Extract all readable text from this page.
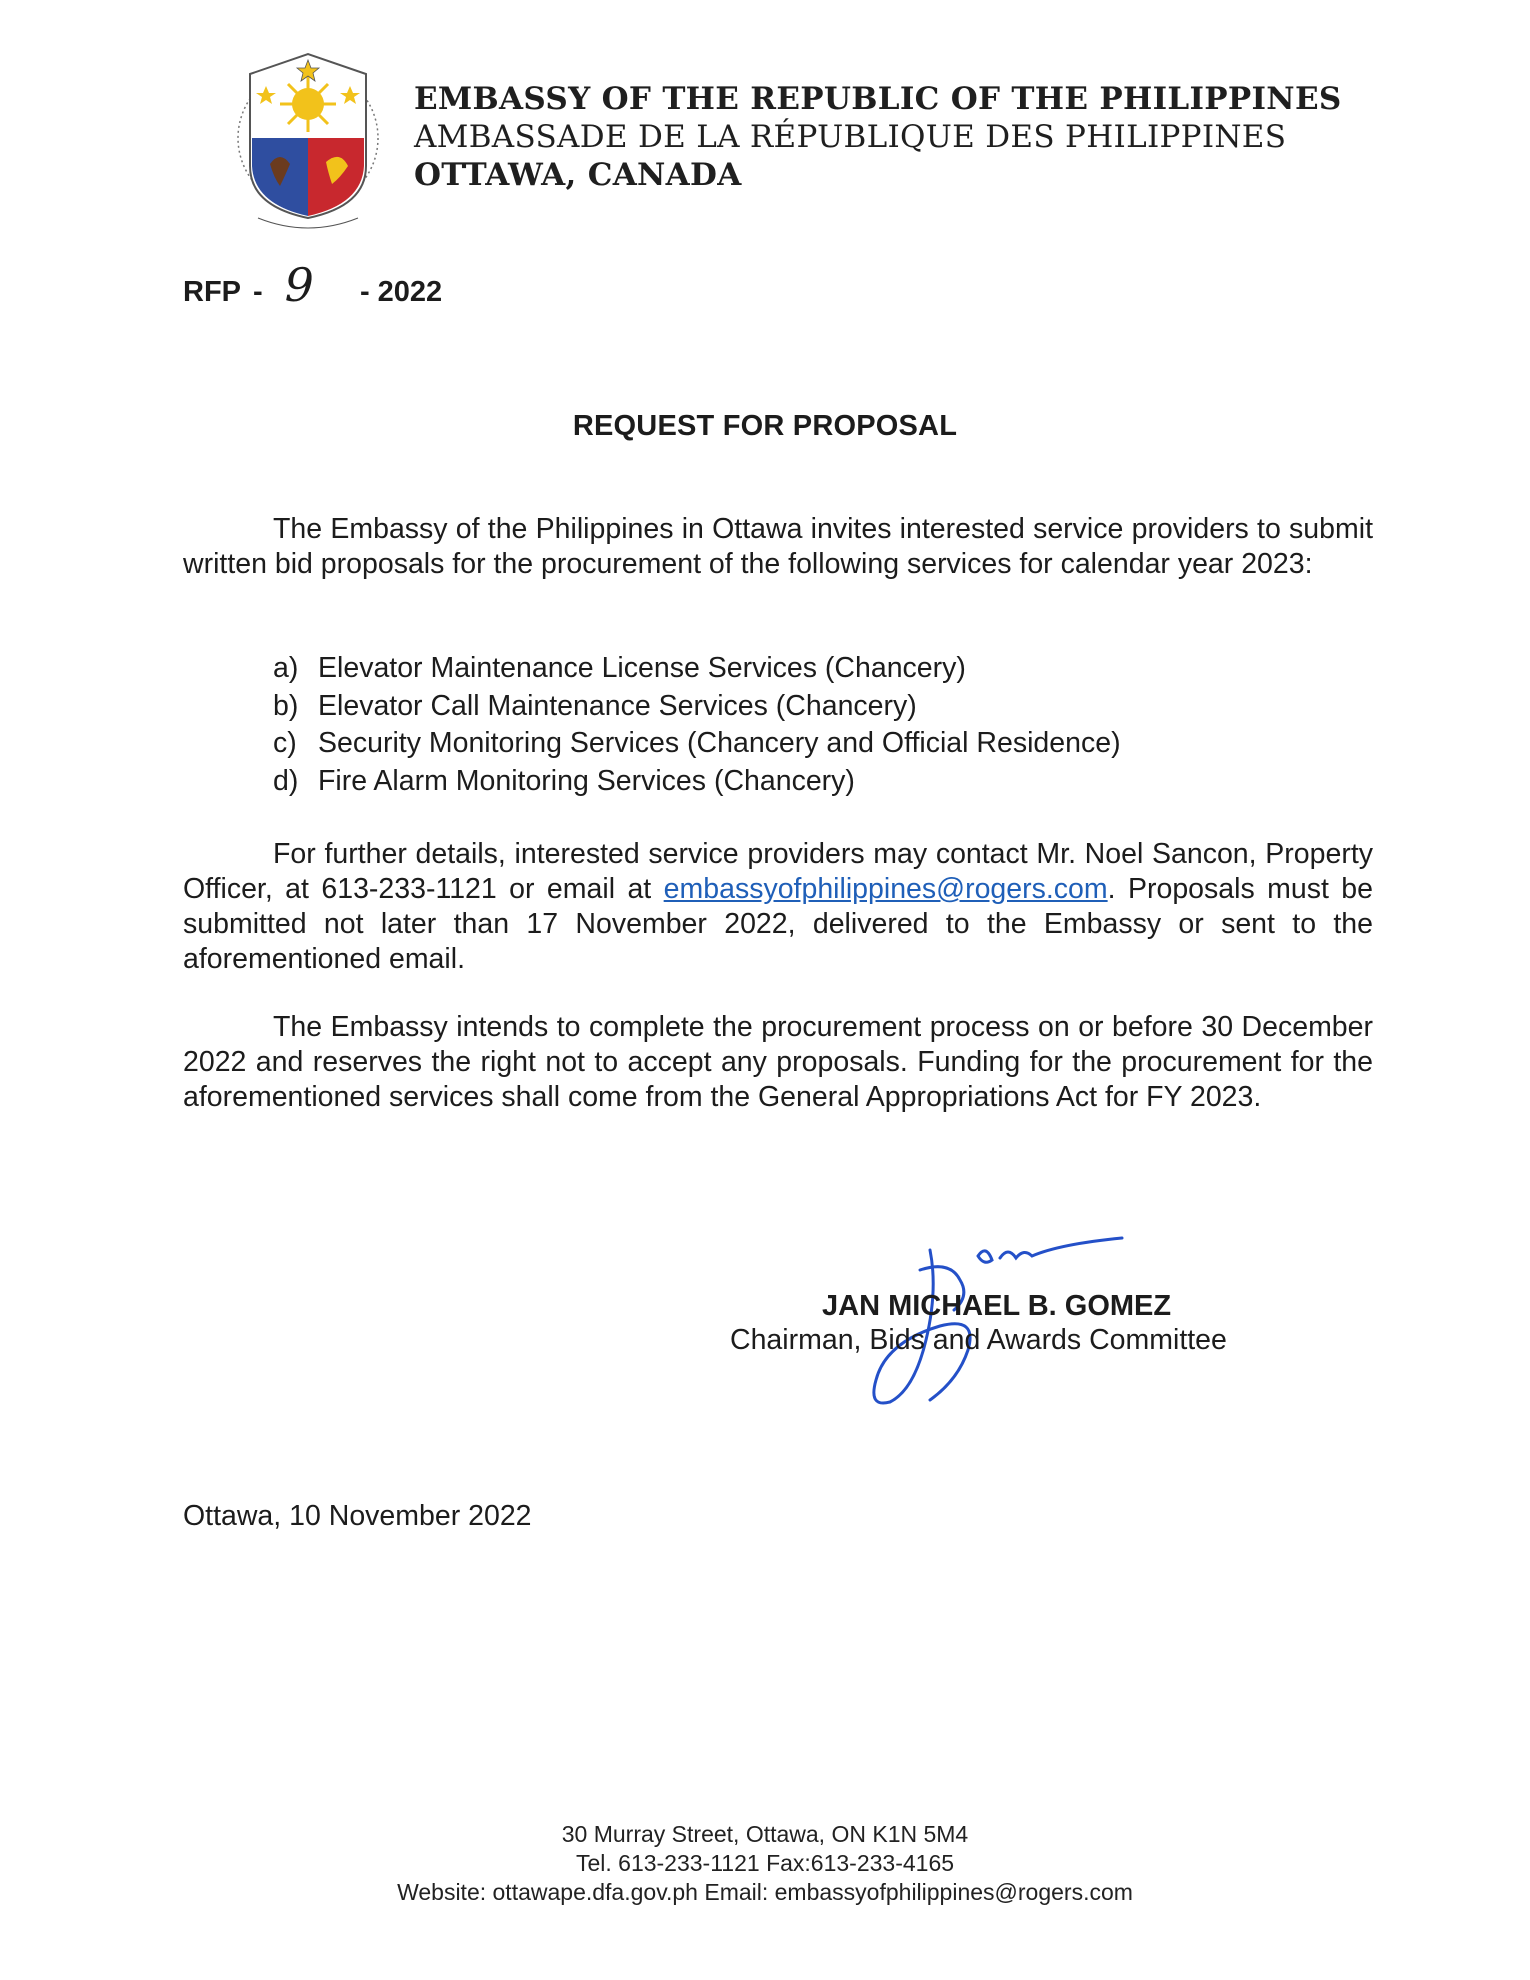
EMBASSY OF THE REPUBLIC OF THE PHILIPPINES
AMBASSADE DE LA RÉPUBLIQUE DES PHILIPPINES
OTTAWA, CANADA
RFP - 9 - 2022
REQUEST FOR PROPOSAL
The Embassy of the Philippines in Ottawa invites interested service providers to submit written bid proposals for the procurement of the following services for calendar year 2023:
a) Elevator Maintenance License Services (Chancery)
b) Elevator Call Maintenance Services (Chancery)
c) Security Monitoring Services (Chancery and Official Residence)
d) Fire Alarm Monitoring Services (Chancery)
For further details, interested service providers may contact Mr. Noel Sancon, Property Officer, at 613-233-1121 or email at embassyofphilippines@rogers.com. Proposals must be submitted not later than 17 November 2022, delivered to the Embassy or sent to the aforementioned email.
The Embassy intends to complete the procurement process on or before 30 December 2022 and reserves the right not to accept any proposals. Funding for the procurement for the aforementioned services shall come from the General Appropriations Act for FY 2023.
JAN MICHAEL B. GOMEZ
Chairman, Bids and Awards Committee
Ottawa, 10 November 2022
30 Murray Street, Ottawa, ON K1N 5M4
Tel. 613-233-1121 Fax:613-233-4165
Website: ottawape.dfa.gov.ph Email: embassyofphilippines@rogers.com
